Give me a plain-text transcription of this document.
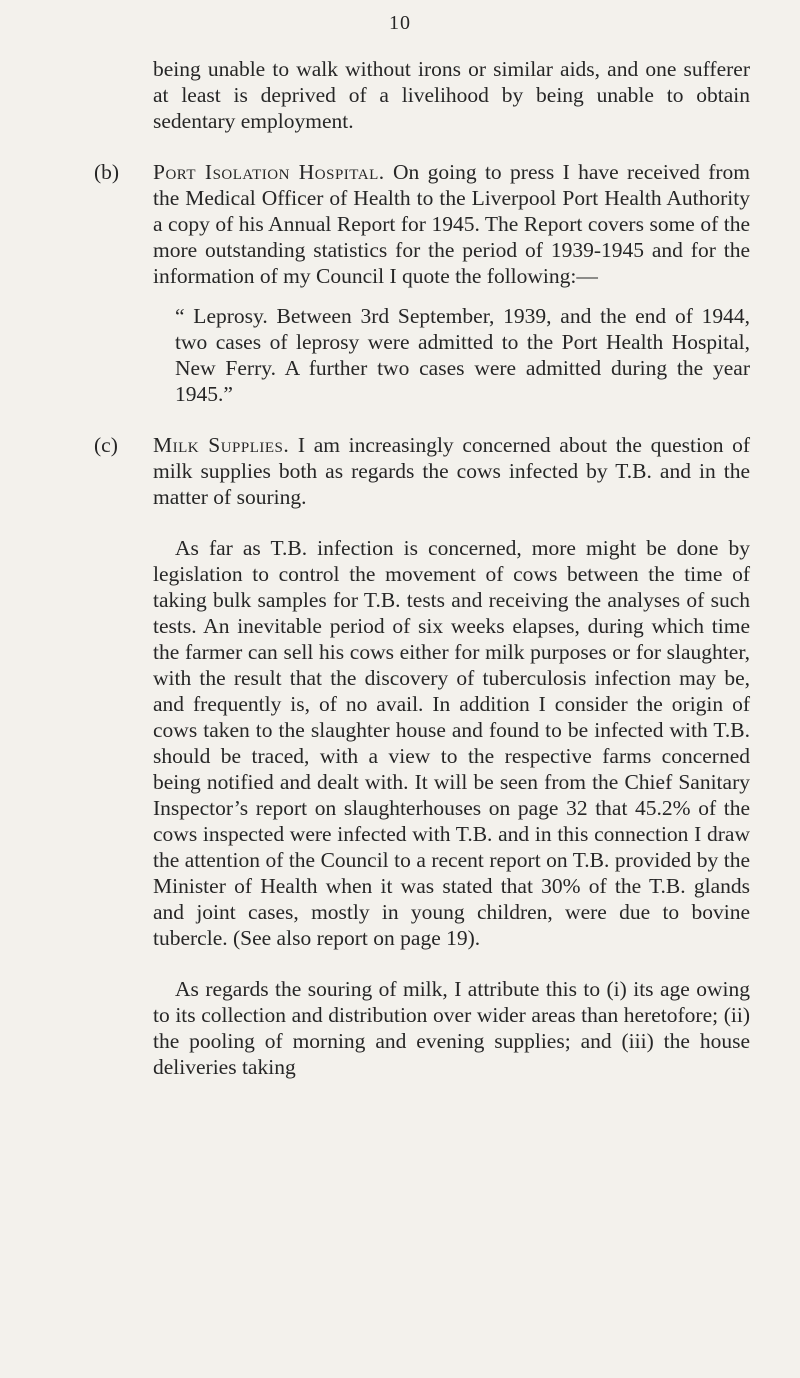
10

being unable to walk without irons or similar aids, and one sufferer at least is deprived of a livelihood by being unable to obtain sedentary employment.

(b) Port Isolation Hospital. On going to press I have received from the Medical Officer of Health to the Liverpool Port Health Authority a copy of his Annual Report for 1945. The Report covers some of the more outstanding statistics for the period of 1939-1945 and for the information of my Council I quote the following:—

“ Leprosy. Between 3rd September, 1939, and the end of 1944, two cases of leprosy were admitted to the Port Health Hospital, New Ferry. A further two cases were admitted during the year 1945.”

(c) Milk Supplies. I am increasingly concerned about the question of milk supplies both as regards the cows infected by T.B. and in the matter of souring.

As far as T.B. infection is concerned, more might be done by legislation to control the movement of cows between the time of taking bulk samples for T.B. tests and receiving the analyses of such tests. An inevitable period of six weeks elapses, during which time the farmer can sell his cows either for milk purposes or for slaughter, with the result that the discovery of tuberculosis infection may be, and frequently is, of no avail. In addition I consider the origin of cows taken to the slaughter house and found to be infected with T.B. should be traced, with a view to the respective farms concerned being notified and dealt with. It will be seen from the Chief Sanitary Inspector’s report on slaughterhouses on page 32 that 45.2% of the cows inspected were infected with T.B. and in this connection I draw the attention of the Council to a recent report on T.B. provided by the Minister of Health when it was stated that 30% of the T.B. glands and joint cases, mostly in young children, were due to bovine tubercle. (See also report on page 19).

As regards the souring of milk, I attribute this to (i) its age owing to its collection and distribution over wider areas than heretofore; (ii) the pooling of morning and evening supplies; and (iii) the house deliveries taking
